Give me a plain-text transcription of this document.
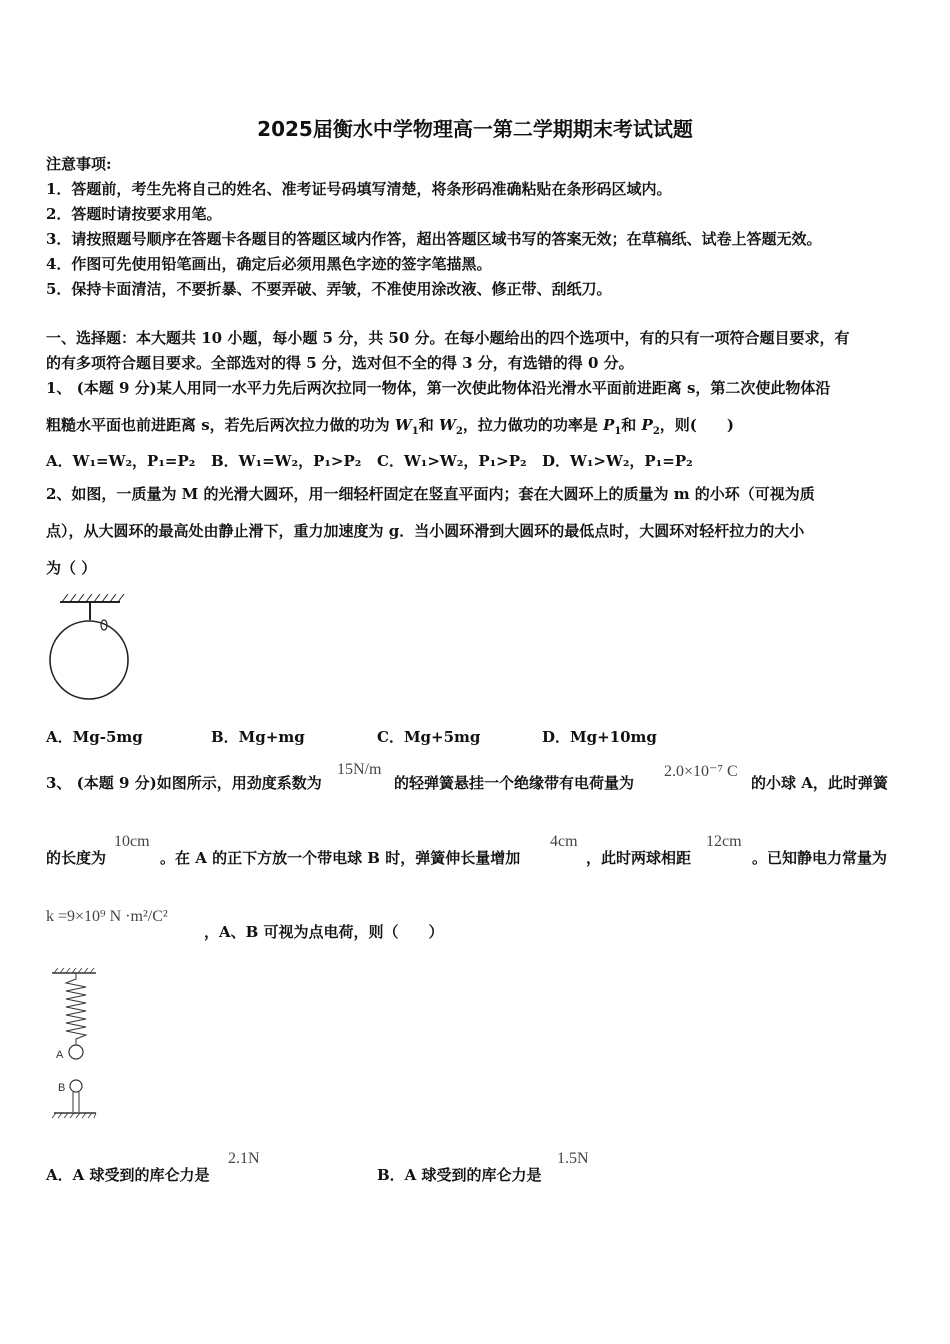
2025届衡水中学物理高一第二学期期末考试试题
注意事项:
1．答题前，考生先将自己的姓名、准考证号码填写清楚，将条形码准确粘贴在条形码区域内。
2．答题时请按要求用笔。
3．请按照题号顺序在答题卡各题目的答题区域内作答，超出答题区域书写的答案无效；在草稿纸、试卷上答题无效。
4．作图可先使用铅笔画出，确定后必须用黑色字迹的签字笔描黑。
5．保持卡面清洁，不要折暴、不要弄破、弄皱，不准使用涂改液、修正带、刮纸刀。
一、选择题：本大题共 10 小题，每小题 5 分，共 50 分。在每小题给出的四个选项中，有的只有一项符合题目要求，有
的有多项符合题目要求。全部选对的得 5 分，选对但不全的得 3 分，有选错的得 0 分。
1、 (本题 9 分)某人用同一水平力先后两次拉同一物体，第一次使此物体沿光滑水平面前进距离 s，第二次使此物体沿
粗糙水平面也前进距离 s，若先后两次拉力做的功为 $W_1$和 $W_2$，拉力做功的功率是 $P_1$和 $P_2$，则(　　)
A．W₁=W₂，P₁=P₂ B．W₁=W₂，P₁>P₂ C．W₁>W₂，P₁>P₂ D．W₁>W₂，P₁=P₂
2、如图，一质量为 M 的光滑大圆环，用一细轻杆固定在竖直平面内；套在大圆环上的质量为 m 的小环（可视为质
点），从大圆环的最高处由静止滑下，重力加速度为 g．当小圆环滑到大圆环的最低点时，大圆环对轻杆拉力的大小
为（ ）
A．Mg-5mg	B．Mg+mg	C．Mg+5mg	D．Mg+10mg
3、 (本题 9 分)如图所示，用劲度系数为
15N/m
的轻弹簧悬挂一个绝缘带有电荷量为
2.0×10⁻⁷ C
的小球 A，此时弹簧
的长度为
10cm
。在 A 的正下方放一个带电球 B 时，弹簧伸长量增加
4cm
，此时两球相距
12cm
。已知静电力常量为
k =9×10⁹ N ·m²/C²
，A、B 可视为点电荷，则（　　）
A
B
A．A 球受到的库仑力是
2.1N
B．A 球受到的库仑力是
1.5N
